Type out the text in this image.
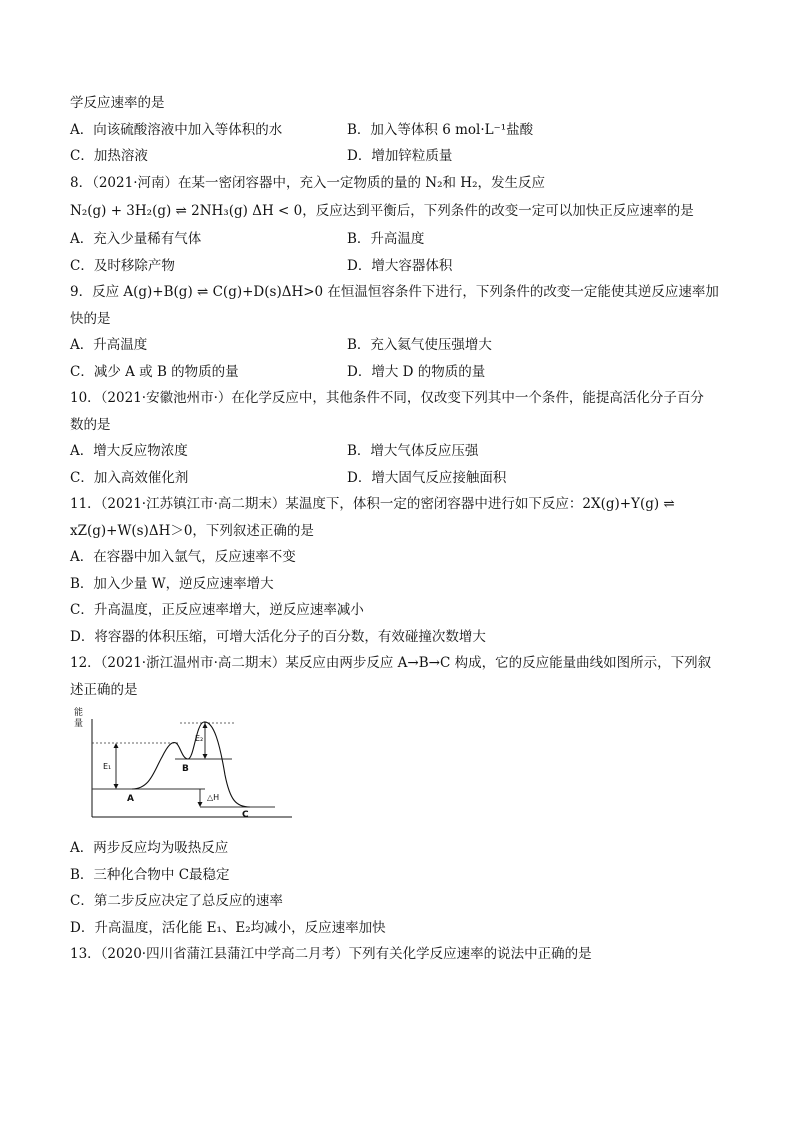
学反应速率的是
A．向该硫酸溶液中加入等体积的水	B．加入等体积 6 mol·L⁻¹盐酸
C．加热溶液	D．增加锌粒质量
8．（2021·河南）在某一密闭容器中，充入一定物质的量的 N₂和 H₂，发生反应
N₂(g) + 3H₂(g) ⇌ 2NH₃(g) ΔH < 0，反应达到平衡后，下列条件的改变一定可以加快正反应速率的是
A．充入少量稀有气体	B．升高温度
C．及时移除产物	D．增大容器体积
9．反应 A(g)+B(g) ⇌ C(g)+D(s)ΔH>0 在恒温恒容条件下进行，下列条件的改变一定能使其逆反应速率加
快的是
A．升高温度	B．充入氦气使压强增大
C．减少 A 或 B 的物质的量	D．增大 D 的物质的量
10．（2021·安徽池州市·）在化学反应中，其他条件不同，仅改变下列其中一个条件，能提高活化分子百分
数的是
A．增大反应物浓度	B．增大气体反应压强
C．加入高效催化剂	D．增大固气反应接触面积
11．（2021·江苏镇江市·高二期末）某温度下，体积一定的密闭容器中进行如下反应：2X(g)+Y(g) ⇌
xZ(g)+W(s)ΔH＞0，下列叙述正确的是
A．在容器中加入氩气，反应速率不变
B．加入少量 W，逆反应速率增大
C．升高温度，正反应速率增大，逆反应速率减小
D．将容器的体积压缩，可增大活化分子的百分数，有效碰撞次数增大
12．（2021·浙江温州市·高二期末）某反应由两步反应 A→B→C 构成，它的反应能量曲线如图所示，下列叙
述正确的是
能
量
E₁
E₂
△H
A
B
C
A．两步反应均为吸热反应
B．三种化合物中 C最稳定
C．第二步反应决定了总反应的速率
D．升高温度，活化能 E₁、E₂均减小，反应速率加快
13．（2020·四川省蒲江县蒲江中学高二月考）下列有关化学反应速率的说法中正确的是
